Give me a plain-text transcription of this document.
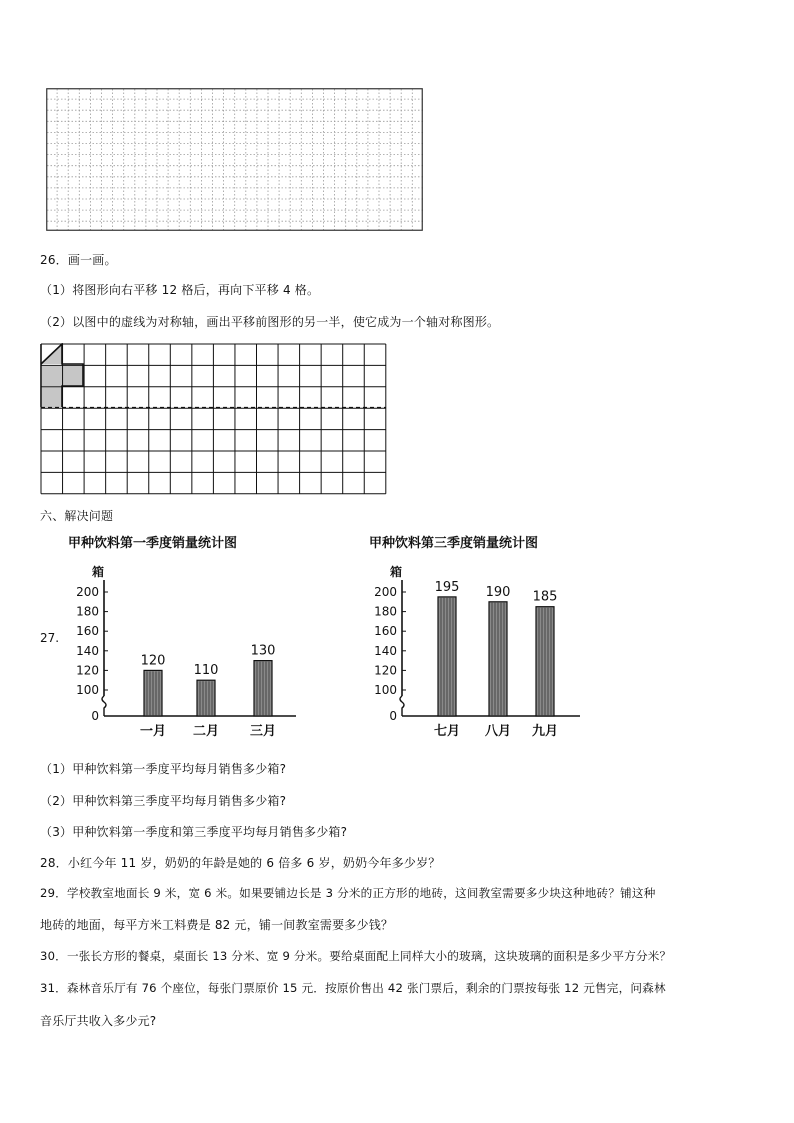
26．画一画。
（1）将图形向右平移 12 格后，再向下平移 4 格。
（2）以图中的虚线为对称轴，画出平移前图形的另一半，使它成为一个轴对称图形。
六、解决问题
27.
甲种饮料第一季度销量统计图
箱
0
100
120
140
160
180
200
120
一月
110
二月
130
三月
甲种饮料第三季度销量统计图
箱
0
100
120
140
160
180
200	195
七月
190
八月
185
九月
（1）甲种饮料第一季度平均每月销售多少箱?
（2）甲种饮料第三季度平均每月销售多少箱?
（3）甲种饮料第一季度和第三季度平均每月销售多少箱?
28．小红今年 11 岁，奶奶的年龄是她的 6 倍多 6 岁，奶奶今年多少岁？
29．学校教室地面长 9 米，宽 6 米。如果要铺边长是 3 分米的正方形的地砖，这间教室需要多少块这种地砖？铺这种
地砖的地面，每平方米工料费是 82 元，铺一间教室需要多少钱？
30．一张长方形的餐桌，桌面长 13 分米、宽 9 分米。要给桌面配上同样大小的玻璃，这块玻璃的面积是多少平方分米？
31．森林音乐厅有 76 个座位，每张门票原价 15 元．按原价售出 42 张门票后，剩余的门票按每张 12 元售完，问森林
音乐厅共收入多少元?
